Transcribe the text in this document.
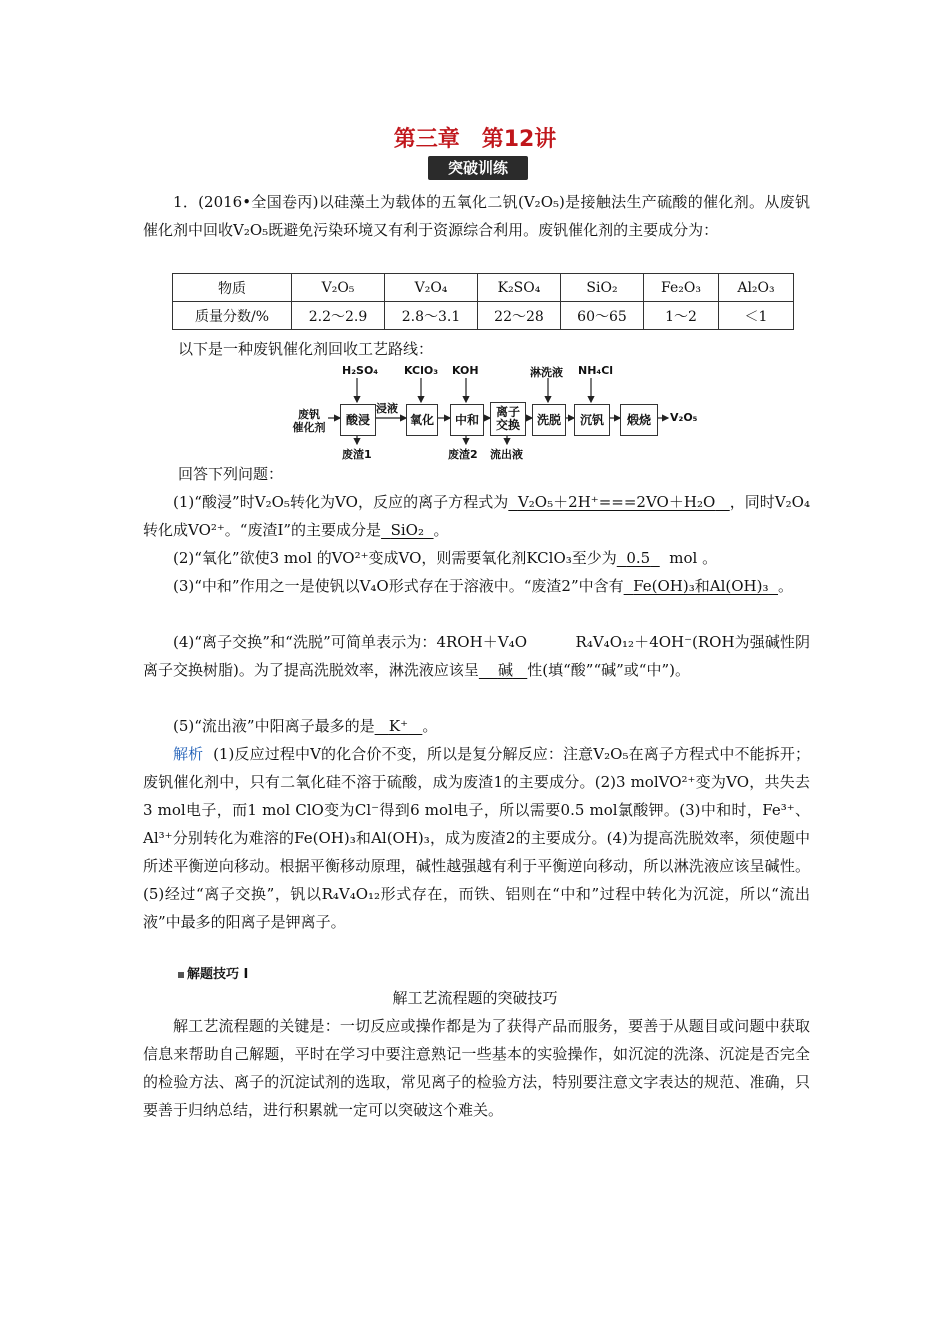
第三章　第12讲
突破训练
1．(2016•全国卷丙)以硅藻土为载体的五氧化二钒(V₂O₅)是接触法生产硫酸的催化剂。从废钒催化剂中回收V₂O₅既避免污染环境又有利于资源综合利用。废钒催化剂的主要成分为：
物质	V₂O₅	V₂O₄	K₂SO₄	SiO₂	Fe₂O₃	Al₂O₃
质量分数/%	2.2～2.9	2.8～3.1	22～28	60～65	1～2	＜1
以下是一种废钒催化剂回收工艺路线：
废钒
催化剂
酸浸	氧化	中和
离子
交换	洗脱	沉钒	煅烧	V₂O₅
H₂SO₄ KClO₃ KOH	淋洗液 NH₄Cl
浸液
废渣1	废渣2 流出液
回答下列问题：
(1)“酸浸”时V₂O₅转化为VO，反应的离子方程式为 V₂O₅＋2H⁺===2VO＋H₂O ，同时V₂O₄转化成VO²⁺。“废渣Ⅰ”的主要成分是 SiO₂ 。
(2)“氧化”欲使3 mol 的VO²⁺变成VO，则需要氧化剂KClO₃至少为 0.5 mol 。
(3)“中和”作用之一是使钒以V₄O形式存在于溶液中。“废渣2”中含有 Fe(OH)₃和Al(OH)₃ 。
(4)“离子交换”和“洗脱”可简单表示为：4ROH＋V₄O	R₄V₄O₁₂＋4OH⁻(ROH为强碱性阴离子交换树脂)。为了提高洗脱效率，淋洗液应该呈 碱 性(填“酸”“碱”或“中”)。
(5)“流出液”中阳离子最多的是 K⁺ 。
解析 (1)反应过程中V的化合价不变，所以是复分解反应：注意V₂O₅在离子方程式中不能拆开；废钒催化剂中，只有二氧化硅不溶于硫酸，成为废渣1的主要成分。(2)3 molVO²⁺变为VO，共失去3 mol电子，而1 mol ClO变为Cl⁻得到6 mol电子，所以需要0.5 mol氯酸钾。(3)中和时，Fe³⁺、Al³⁺分别转化为难溶的Fe(OH)₃和Al(OH)₃，成为废渣2的主要成分。(4)为提高洗脱效率，须使题中所述平衡逆向移动。根据平衡移动原理，碱性越强越有利于平衡逆向移动，所以淋洗液应该呈碱性。(5)经过“离子交换”，钒以R₄V₄O₁₂形式存在，而铁、铝则在“中和”过程中转化为沉淀，所以“流出液”中最多的阳离子是钾离子。
解题技巧 I
解工艺流程题的突破技巧
解工艺流程题的关键是：一切反应或操作都是为了获得产品而服务，要善于从题目或问题中获取信息来帮助自己解题，平时在学习中要注意熟记一些基本的实验操作，如沉淀的洗涤、沉淀是否完全的检验方法、离子的沉淀试剂的选取，常见离子的检验方法，特别要注意文字表达的规范、准确，只要善于归纳总结，进行积累就一定可以突破这个难关。
